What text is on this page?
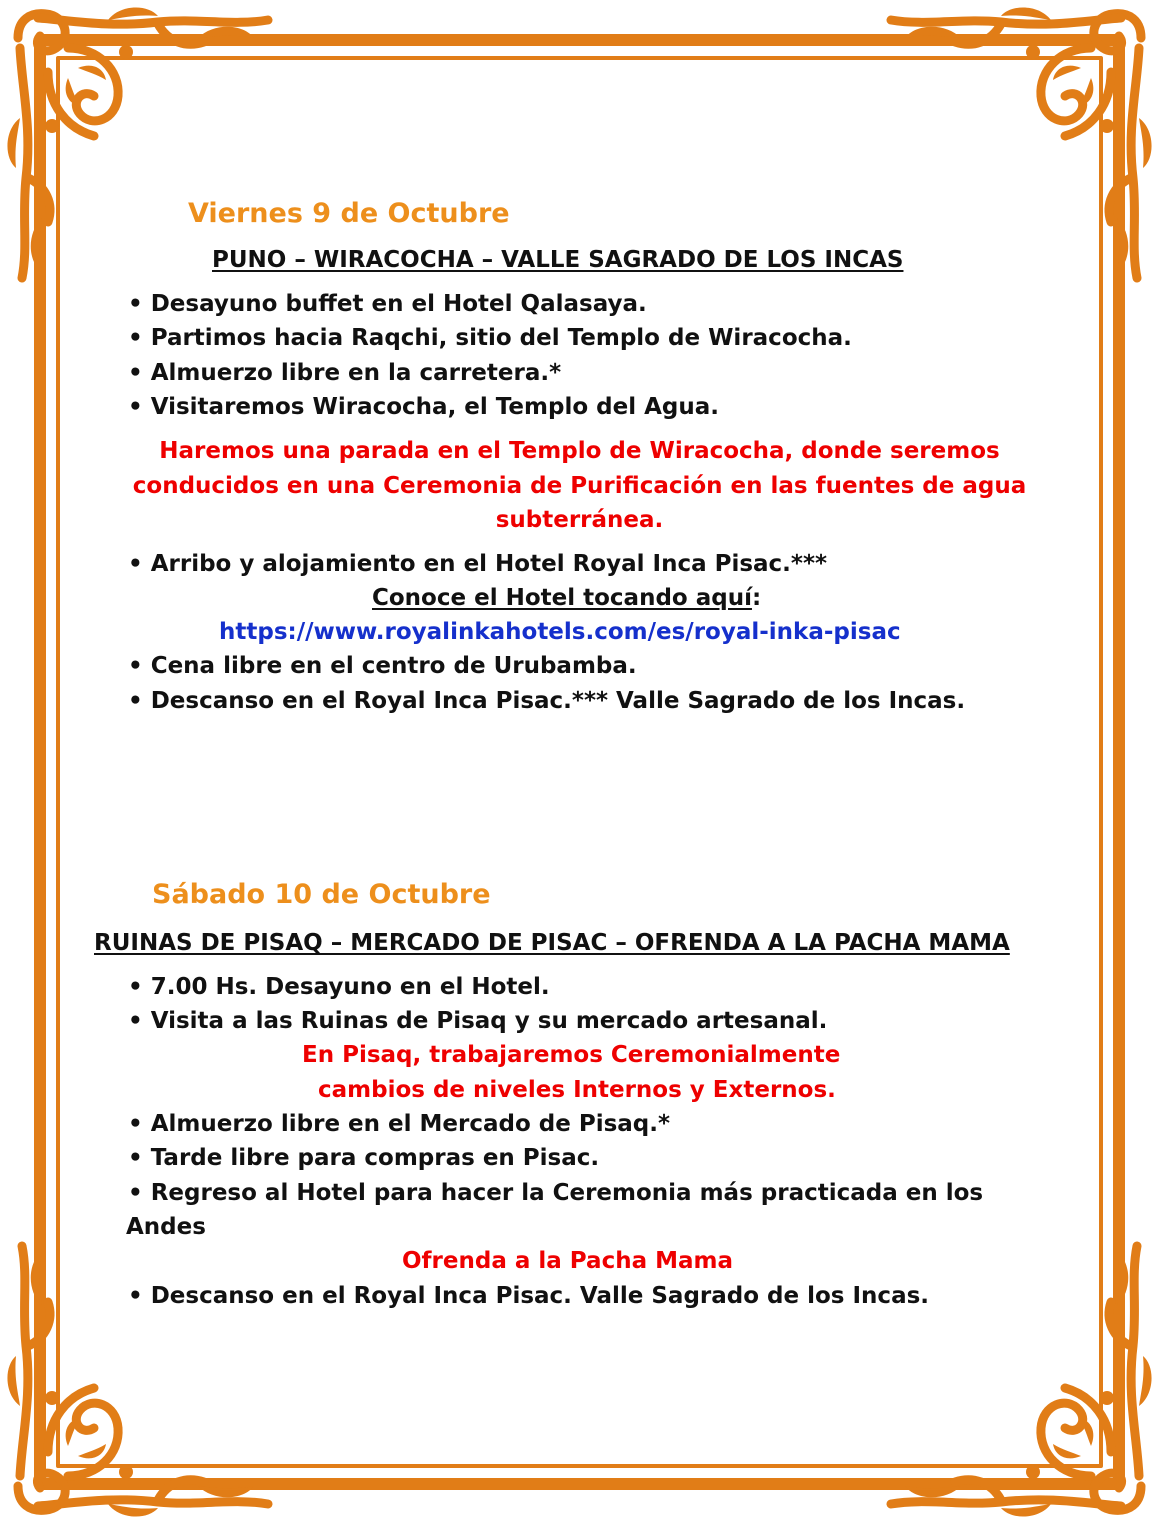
Viernes 9 de Octubre
PUNO – WIRACOCHA – VALLE SAGRADO DE LOS INCAS
• Desayuno buffet en el Hotel Qalasaya.
• Partimos hacia Raqchi, sitio del Templo de Wiracocha.
• Almuerzo libre en la carretera.*
• Visitaremos Wiracocha, el Templo del Agua.
Haremos una parada en el Templo de Wiracocha, donde seremos
conducidos en una Ceremonia de Purificación en las fuentes de agua
subterránea.
• Arribo y alojamiento en el Hotel Royal Inca Pisac.***
Conoce el Hotel tocando aquí:
https://www.royalinkahotels.com/es/royal-inka-pisac
• Cena libre en el centro de Urubamba.
• Descanso en el Royal Inca Pisac.*** Valle Sagrado de los Incas.
Sábado 10 de Octubre
RUINAS DE PISAQ – MERCADO DE PISAC – OFRENDA A LA PACHA MAMA
• 7.00 Hs. Desayuno en el Hotel.
• Visita a las Ruinas de Pisaq y su mercado artesanal.
En Pisaq, trabajaremos Ceremonialmente
cambios de niveles Internos y Externos.
• Almuerzo libre en el Mercado de Pisaq.*
• Tarde libre para compras en Pisac.
• Regreso al Hotel para hacer la Ceremonia más practicada en los
Andes
Ofrenda a la Pacha Mama
• Descanso en el Royal Inca Pisac. Valle Sagrado de los Incas.
